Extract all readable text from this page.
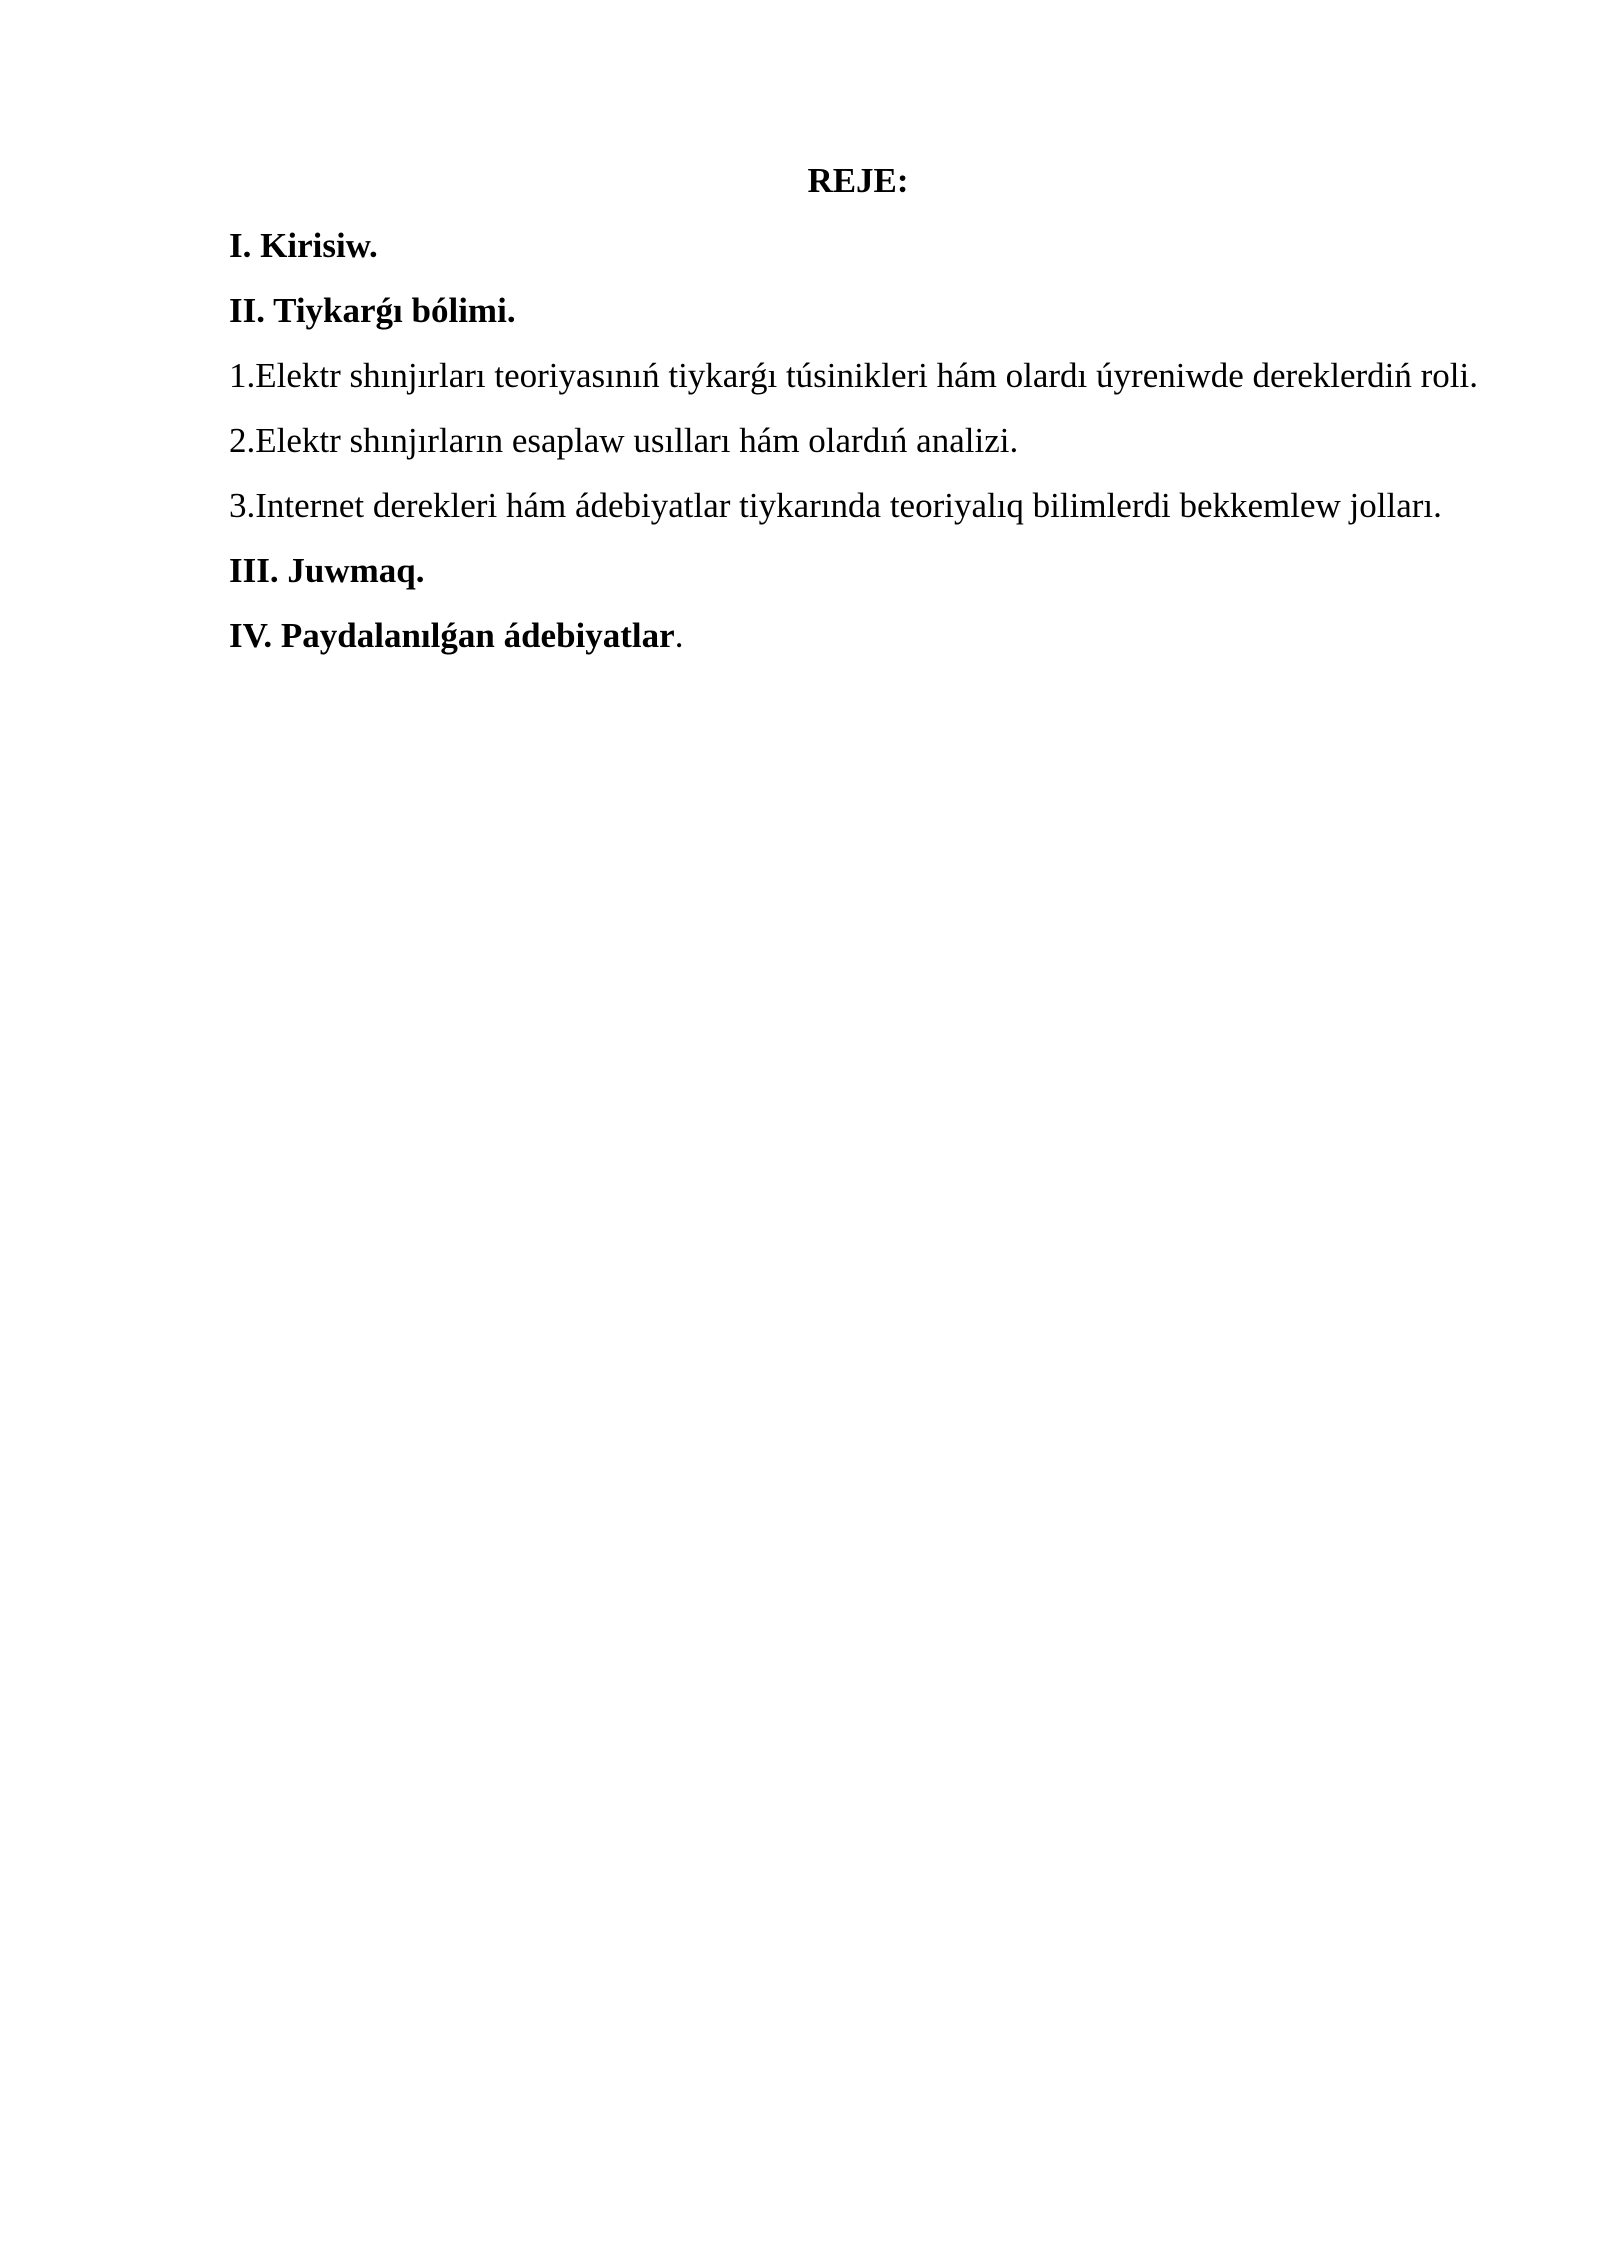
REJE:

I. Kirisiw.

II. Tiykarǵı bólimi.

1.Elektr shınjırları teoriyasınıń tiykarǵı túsinikleri hám olardı úyreniwde dereklerdiń roli.

2.Elektr shınjırların esaplaw usılları hám olardıń analizi.

3.Internet derekleri hám ádebiyatlar tiykarında teoriyalıq bilimlerdi bekkemlew jolları.

III. Juwmaq.

IV. Paydalanılǵan ádebiyatlar.
